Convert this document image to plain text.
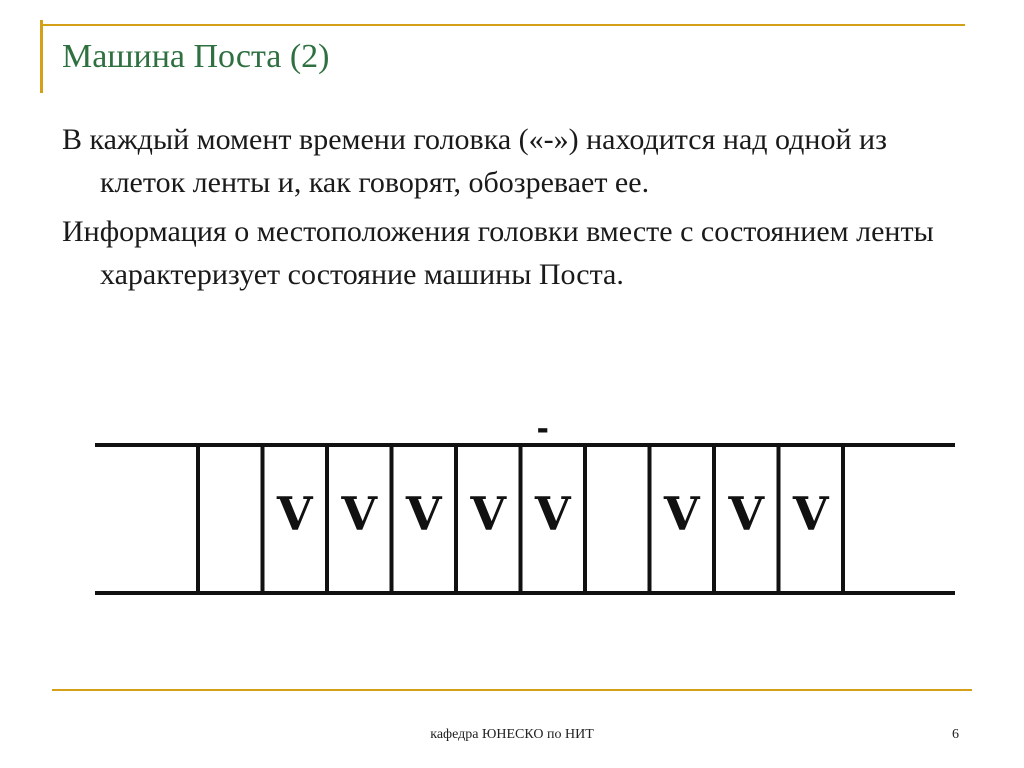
Машина Поста (2)

В каждый момент времени головка («-») находится над одной из клеток ленты и, как говорят, обозревает ее.

Информация о местоположения головки вместе с состоянием ленты характеризует состояние машины Поста.

V V V V V V V V
-
кафедра ЮНЕСКО по НИТ	6
